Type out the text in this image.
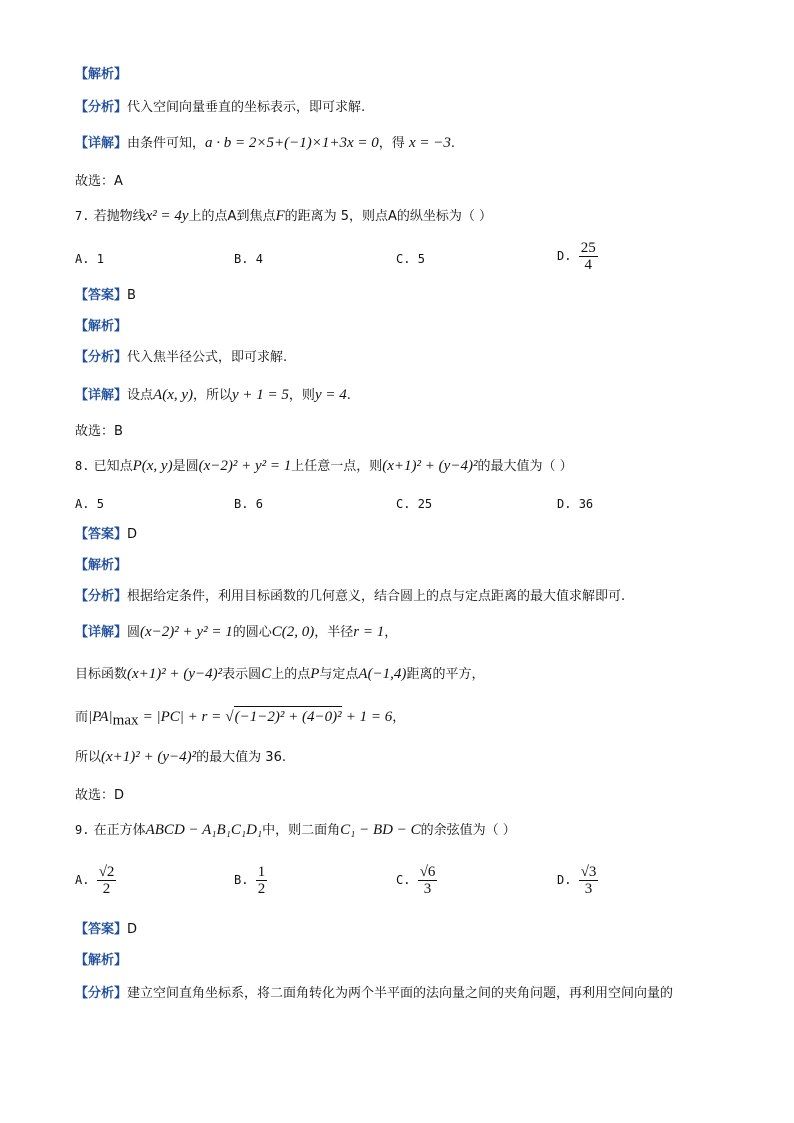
【解析】
【分析】代入空间向量垂直的坐标表示，即可求解.
【详解】由条件可知，a · b = 2×5+(−1)×1+3x = 0，得 x = −3.
故选：A
7. 若抛物线x² = 4y上的点A到焦点F的距离为 5，则点A的纵坐标为（ ）
A. 1	B. 4	C. 5	D. $\frac{25}{4}$
【答案】B
【解析】
【分析】代入焦半径公式，即可求解.
【详解】设点A(x, y)，所以y + 1 = 5，则y = 4.
故选：B
8. 已知点P(x, y)是圆(x−2)² + y² = 1上任意一点，则(x+1)² + (y−4)²的最大值为（ ）
A. 5	B. 6	C. 25	D. 36
【答案】D
【解析】
【分析】根据给定条件，利用目标函数的几何意义，结合圆上的点与定点距离的最大值求解即可.
【详解】圆(x−2)² + y² = 1的圆心C(2, 0)，半径r = 1，
目标函数(x+1)² + (y−4)²表示圆C上的点P与定点A(−1,4)距离的平方，
而$|PA|_{max} = |PC| + r = √(-1-2)^2 + (4-0)^2 + 1 = 6$，
所以(x+1)² + (y−4)²的最大值为 36.
故选：D
9. 在正方体ABCD − A₁B₁C₁D₁中，则二面角C₁ − BD − C的余弦值为（ ）
A. $\frac{√2}{2}$	B. $\frac{1}{2}$	C. $\frac{√6}{3}$	D. $\frac{√3}{3}$
【答案】D
【解析】
【分析】建立空间直角坐标系，将二面角转化为两个半平面的法向量之间的夹角问题，再利用空间向量的
